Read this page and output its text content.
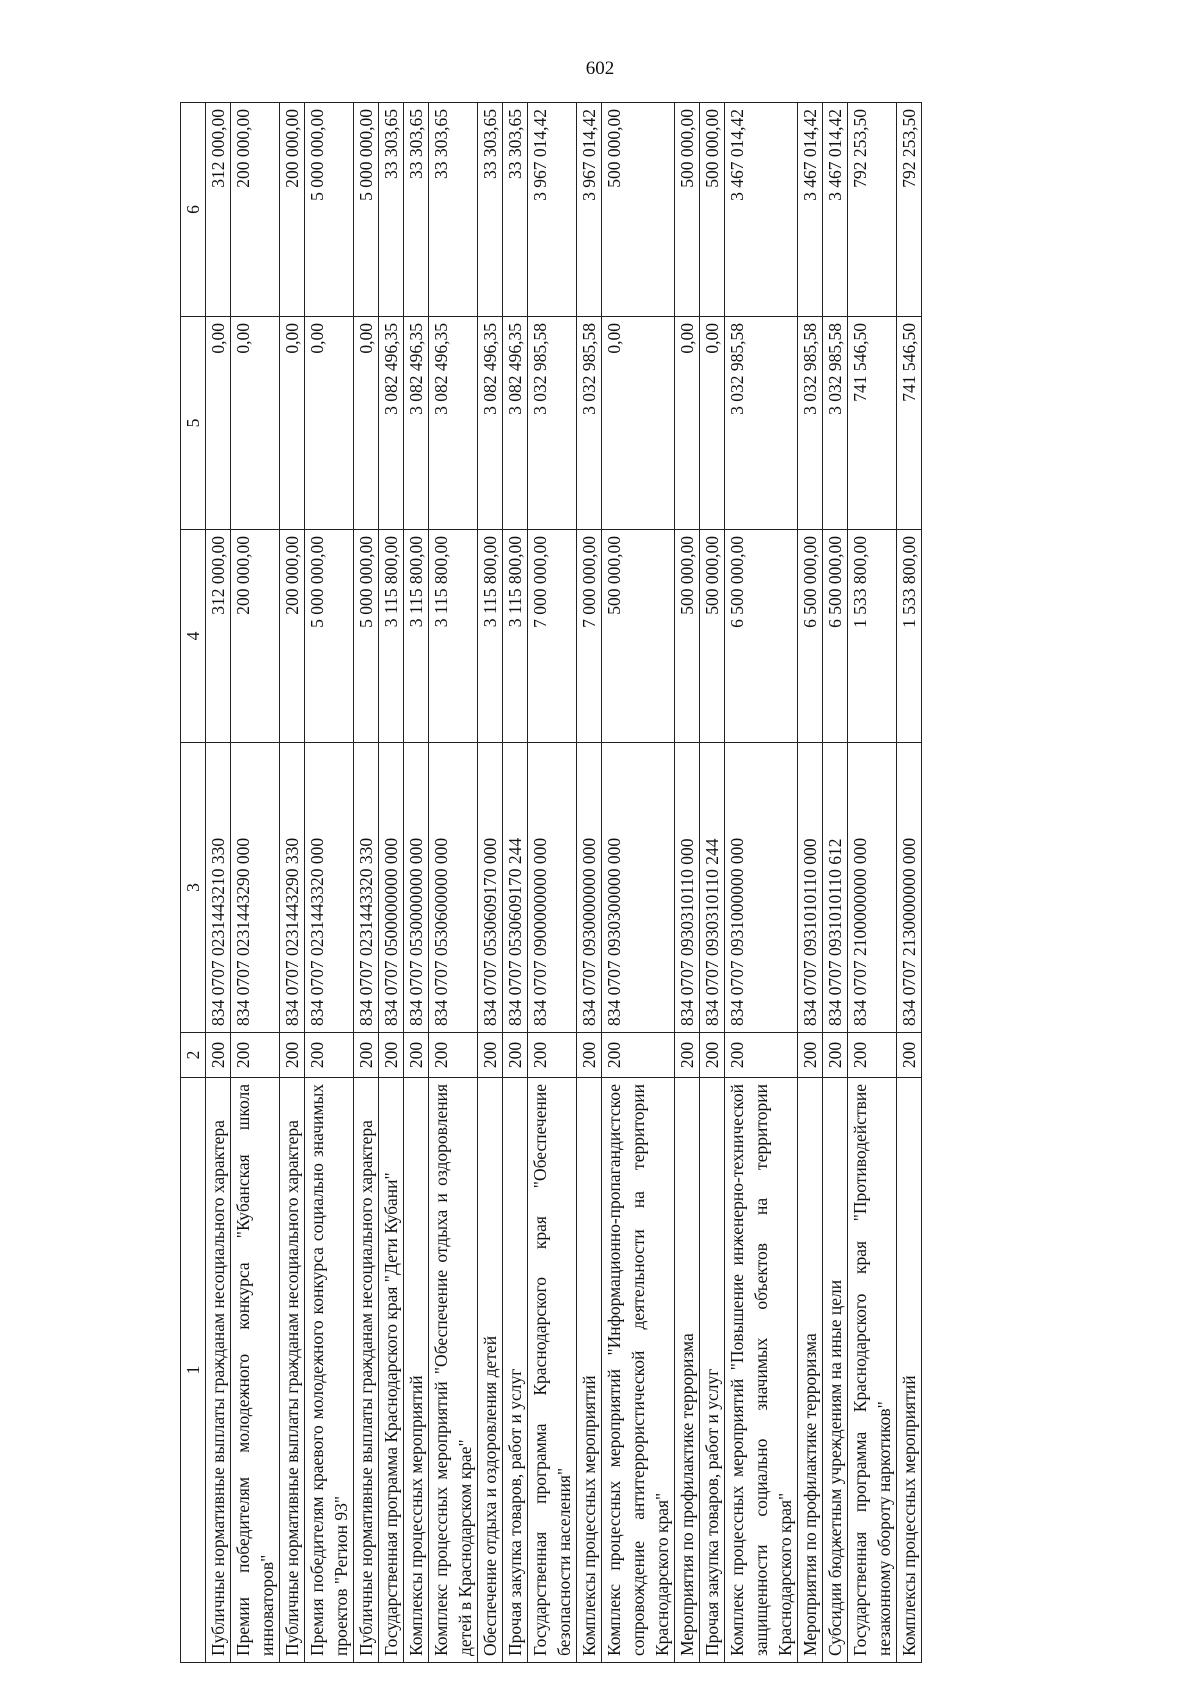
602
1	2	3	4	5	6
Публичные нормативные выплаты гражданам несоциального характера	200	834 0707 0231443210 330	312 000,00	0,00	312 000,00
Премии победителям молодежного конкурса "Кубанская школа инноваторов"	200	834 0707 0231443290 000	200 000,00	0,00	200 000,00
Публичные нормативные выплаты гражданам несоциального характера	200	834 0707 0231443290 330	200 000,00	0,00	200 000,00
Премия победителям краевого молодежного конкурса социально значимых проектов "Регион 93"	200	834 0707 0231443320 000	5 000 000,00	0,00	5 000 000,00
Публичные нормативные выплаты гражданам несоциального характера	200	834 0707 0231443320 330	5 000 000,00	0,00	5 000 000,00
Государственная программа Краснодарского края "Дети Кубани"	200	834 0707 0500000000 000	3 115 800,00	3 082 496,35	33 303,65
Комплексы процессных мероприятий	200	834 0707 0530000000 000	3 115 800,00	3 082 496,35	33 303,65
Комплекс процессных мероприятий "Обеспечение отдыха и оздоровления детей в Краснодарском крае"	200	834 0707 0530600000 000	3 115 800,00	3 082 496,35	33 303,65
Обеспечение отдыха и оздоровления детей	200	834 0707 0530609170 000	3 115 800,00	3 082 496,35	33 303,65
Прочая закупка товаров, работ и услуг	200	834 0707 0530609170 244	3 115 800,00	3 082 496,35	33 303,65
Государственная программа Краснодарского края "Обеспечение безопасности населения"	200	834 0707 0900000000 000	7 000 000,00	3 032 985,58	3 967 014,42
Комплексы процессных мероприятий	200	834 0707 0930000000 000	7 000 000,00	3 032 985,58	3 967 014,42
Комплекс процессных мероприятий "Информационно-пропагандистское сопровождение антитеррористической деятельности на территории Краснодарского края"	200	834 0707 0930300000 000	500 000,00	0,00	500 000,00
Мероприятия по профилактике терроризма	200	834 0707 0930310110 000	500 000,00	0,00	500 000,00
Прочая закупка товаров, работ и услуг	200	834 0707 0930310110 244	500 000,00	0,00	500 000,00
Комплекс процессных мероприятий "Повышение инженерно-технической защищенности социально значимых объектов на территории Краснодарского края"	200	834 0707 0931000000 000	6 500 000,00	3 032 985,58	3 467 014,42
Мероприятия по профилактике терроризма	200	834 0707 0931010110 000	6 500 000,00	3 032 985,58	3 467 014,42
Субсидии бюджетным учреждениям на иные цели	200	834 0707 0931010110 612	6 500 000,00	3 032 985,58	3 467 014,42
Государственная программа Краснодарского края "Противодействие незаконному обороту наркотиков"	200	834 0707 2100000000 000	1 533 800,00	741 546,50	792 253,50
Комплексы процессных мероприятий	200	834 0707 2130000000 000	1 533 800,00	741 546,50	792 253,50
